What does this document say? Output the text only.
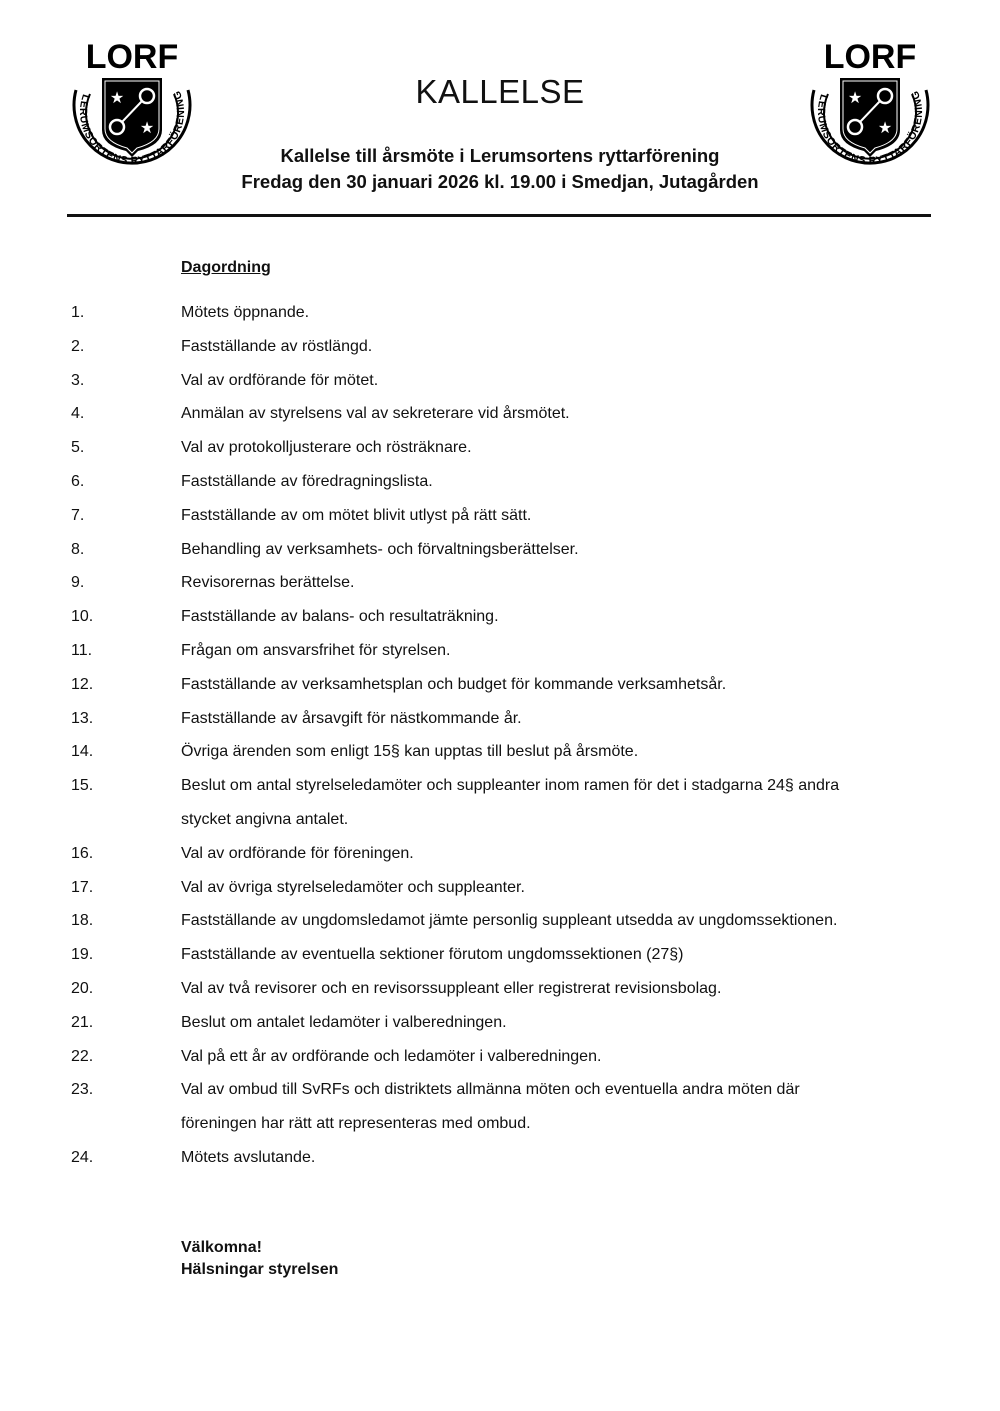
LORF
LERUMSORTENS RYTTARFÖRENING
★
★
KALLELSE
Kallelse till årsmöte i Lerumsortens ryttarförening
Fredag den 30 januari 2026 kl. 19.00 i Smedjan, Jutagården
LORF
LERUMSORTENS RYTTARFÖRENING
★
★
Dagordning
1.	Mötets öppnande.
2.	Fastställande av röstlängd.
3.	Val av ordförande för mötet.
4.	Anmälan av styrelsens val av sekreterare vid årsmötet.
5.	Val av protokolljusterare och rösträknare.
6.	Fastställande av föredragningslista.
7.	Fastställande av om mötet blivit utlyst på rätt sätt.
8.	Behandling av verksamhets- och förvaltningsberättelser.
9.	Revisorernas berättelse.
10.	Fastställande av balans- och resultaträkning.
11.	Frågan om ansvarsfrihet för styrelsen.
12.	Fastställande av verksamhetsplan och budget för kommande verksamhetsår.
13.	Fastställande av årsavgift för nästkommande år.
14.	Övriga ärenden som enligt 15§ kan upptas till beslut på årsmöte.
15.	Beslut om antal styrelseledamöter och suppleanter inom ramen för det i stadgarna 24§ andra
stycket angivna antalet.
16.	Val av ordförande för föreningen.
17.	Val av övriga styrelseledamöter och suppleanter.
18.	Fastställande av ungdomsledamot jämte personlig suppleant utsedda av ungdomssektionen.
19.	Fastställande av eventuella sektioner förutom ungdomssektionen (27§)
20.	Val av två revisorer och en revisorssuppleant eller registrerat revisionsbolag.
21.	Beslut om antalet ledamöter i valberedningen.
22.	Val på ett år av ordförande och ledamöter i valberedningen.
23.	Val av ombud till SvRFs och distriktets allmänna möten och eventuella andra möten där
föreningen har rätt att representeras med ombud.
24.	Mötets avslutande.
Välkomna!
Hälsningar styrelsen
